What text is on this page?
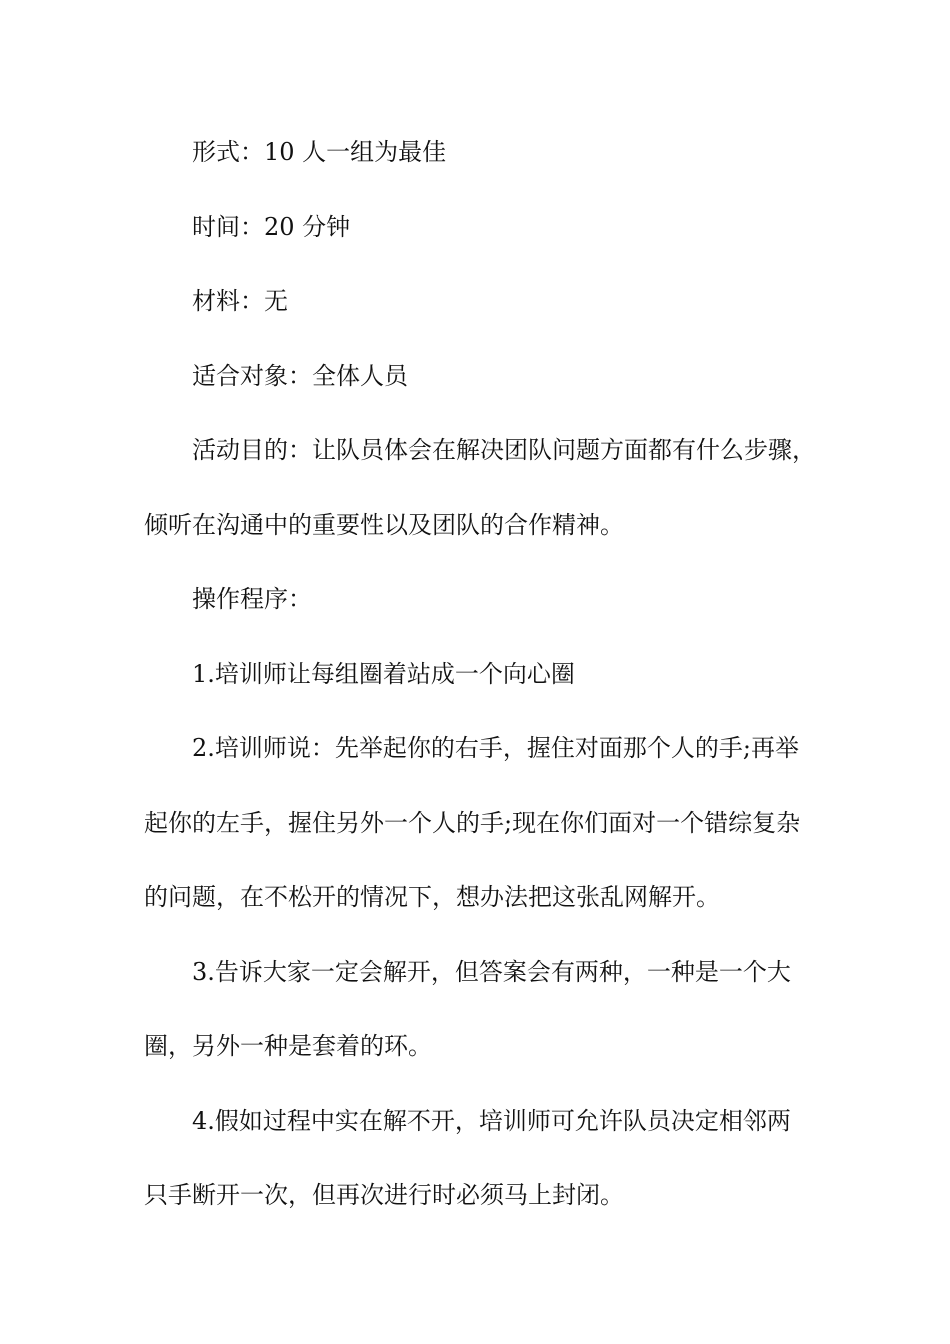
形式：10 人一组为最佳
时间：20 分钟
材料：无
适合对象：全体人员
活动目的：让队员体会在解决团队问题方面都有什么步骤，
倾听在沟通中的重要性以及团队的合作精神。
操作程序：
1.培训师让每组圈着站成一个向心圈
2.培训师说：先举起你的右手，握住对面那个人的手;再举
起你的左手，握住另外一个人的手;现在你们面对一个错综复杂
的问题，在不松开的情况下，想办法把这张乱网解开。
3.告诉大家一定会解开，但答案会有两种，一种是一个大
圈，另外一种是套着的环。
4.假如过程中实在解不开，培训师可允许队员决定相邻两
只手断开一次，但再次进行时必须马上封闭。
